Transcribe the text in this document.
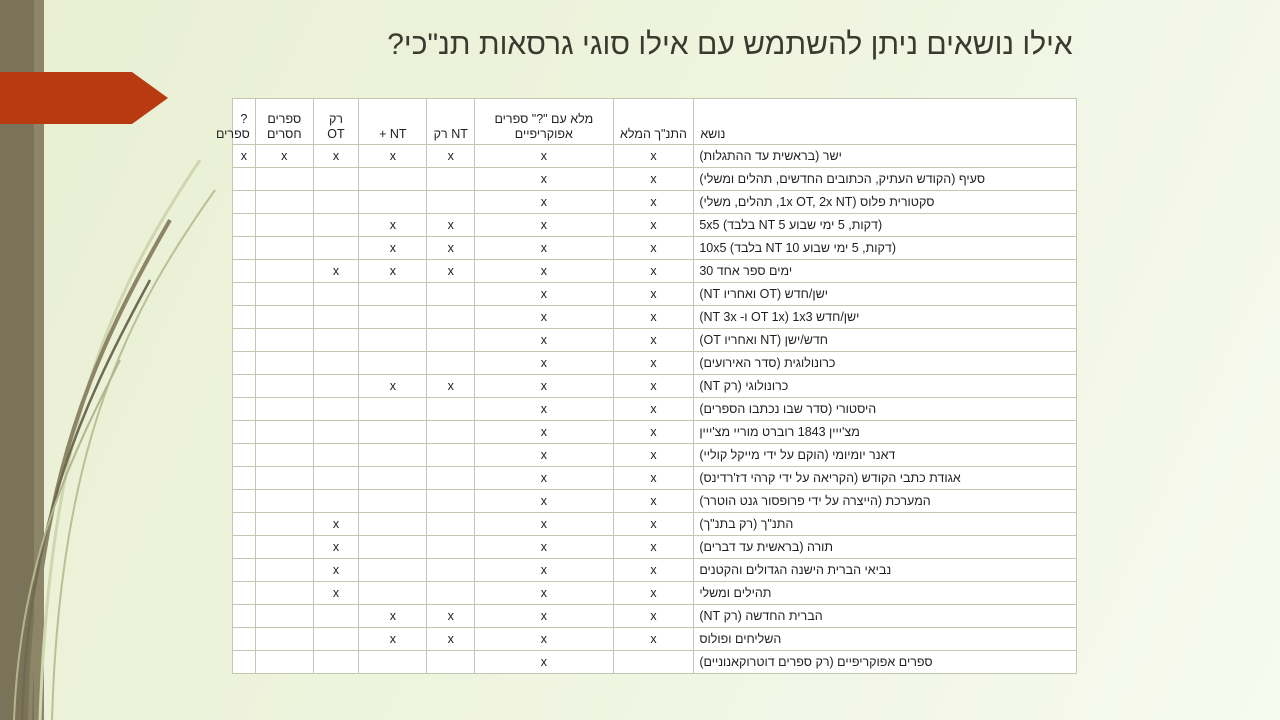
אילו נושאים ניתן להשתמש עם אילו סוגי גרסאות תנ"כי?
נושא	התנ"ך המלא	מלא עם "?" ספרים אפוקריפיים	NT רק	NT +	רק OT	ספרים חסרים	? ספרים
ישר (בראשית עד ההתגלות)	x	x	x	x	x	x	x
סעיף (הקודש העתיק, הכתובים החדשים, תהלים ומשלי)	x	x					
סקטורית פלוס (1x OT, 2x NT, תהלים, משלי)	x	x					
5x5 (בלבד NT דקות, 5 ימי שבוע 5)	x	x	x	x			
10x5 (בלבד NT דקות, 5 ימי שבוע 10)	x	x	x	x			
ימים ספר אחד 30	x	x	x	x	x		
ישן/חדש (OT ואחריו NT)	x	x					
ישן/חדש 1x3 (OT 1x ו- NT 3x)	x	x					
חדש/ישן (NT ואחריו OT)	x	x					
כרונולוגית (סדר האירועים)	x	x					
כרונולוגי (רק NT)	x	x	x	x			
היסטורי (סדר שבו נכתבו הספרים)	x	x					
מצ'ייין 1843 רוברט מוריי מצ'ייין	x	x					
דאנר יומיומי (הוקם על ידי מייקל קוליי)	x	x					
אגודת כתבי הקודש (הקריאה על ידי קרהי דז'רדינס)	x	x					
המערכת (הייצרה על ידי פרופסור גנט הוטרר)	x	x					
התנ"ך (רק בתנ"ך)	x	x			x		
תורה (בראשית עד דברים)	x	x			x		
נביאי הברית הישנה הגדולים והקטנים	x	x			x		
תהילים ומשלי	x	x			x		
הברית החדשה (רק NT)	x	x	x	x			
השליחים ופולוס	x	x	x	x			
ספרים אפוקריפיים (רק ספרים דוטרוקאנוניים)		x					
